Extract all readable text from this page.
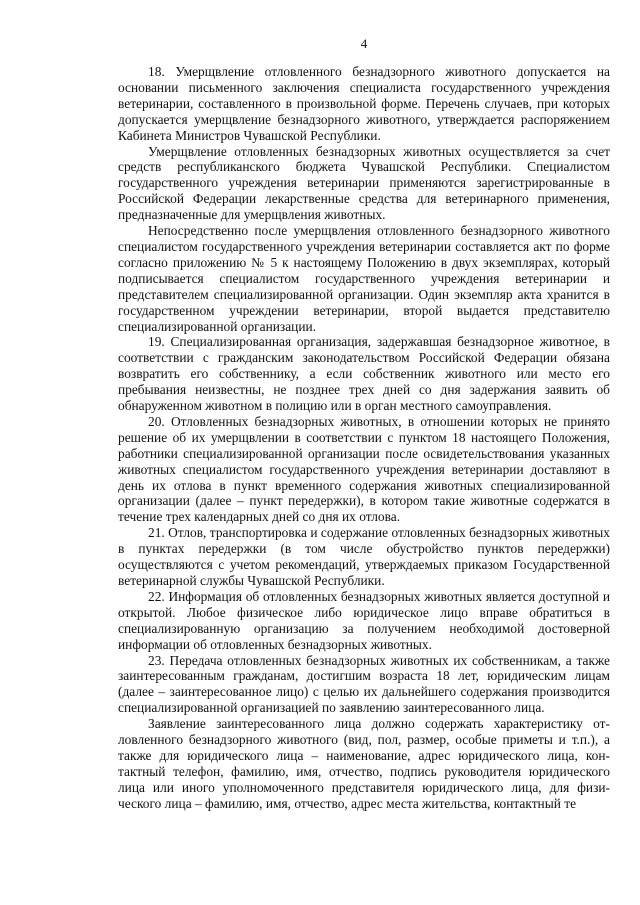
4

18. Умерщвление отловленного безнадзорного животного допускается на основании письменного заключения специалиста государственного учреждения ветеринарии, составленного в произвольной форме. Перечень случаев, при которых допускается умерщвление безнадзорного животного, утверждается распоряжением Кабинета Министров Чувашской Республики.

Умерщвление отловленных безнадзорных животных осуществляется за счет средств республиканского бюджета Чувашской Республики. Специалистом государственного учреждения ветеринарии применяются зарегистрированные в Российской Федерации лекарственные средства для ветеринарного применения, предназначенные для умерщвления животных.

Непосредственно после умерщвления отловленного безнадзорного животного специалистом государственного учреждения ветеринарии составляется акт по форме согласно приложению № 5 к настоящему Положению в двух экземплярах, который подписывается специалистом государственного учреждения ветеринарии и представителем специализированной организации. Один экземпляр акта хранится в государственном учреждении ветеринарии, второй выдается представителю специализированной организации.

19. Специализированная организация, задержавшая безнадзорное животное, в соответствии с гражданским законодательством Российской Федерации обязана возвратить его собственнику, а если собственник животного или место его пребывания неизвестны, не позднее трех дней со дня задержания заявить об обнаруженном животном в полицию или в орган местного самоуправления.

20. Отловленных безнадзорных животных, в отношении которых не принято решение об их умерщвлении в соответствии с пунктом 18 настоящего Положения, работники специализированной организации после освидетельствования указанных животных специалистом государственного учреждения ветеринарии доставляют в день их отлова в пункт временного содержания животных специализированной организации (далее – пункт передержки), в котором такие животные содержатся в течение трех календарных дней со дня их отлова.

21. Отлов, транспортировка и содержание отловленных безнадзорных животных в пунктах передержки (в том числе обустройство пунктов передержки) осуществляются с учетом рекомендаций, утверждаемых приказом Государственной ветеринарной службы Чувашской Республики.

22. Информация об отловленных безнадзорных животных является доступной и открытой. Любое физическое либо юридическое лицо вправе обратиться в специализированную организацию за получением необходимой достоверной информации об отловленных безнадзорных животных.

23. Передача отловленных безнадзорных животных их собственникам, а также заинтересованным гражданам, достигшим возраста 18 лет, юридическим лицам (далее – заинтересованное лицо) с целью их дальнейшего содержания производится специализированной организацией по заявлению заинтересованного лица.

Заявление заинтересованного лица должно содержать характеристику отловленного безнадзорного животного (вид, пол, размер, особые приметы и т.п.), а также для юридического лица – наименование, адрес юридического лица, контактный телефон, фамилию, имя, отчество, подпись руководителя юридического лица или иного уполномоченного представителя юридического лица, для физического лица – фамилию, имя, отчество, адрес места жительства, контактный те
